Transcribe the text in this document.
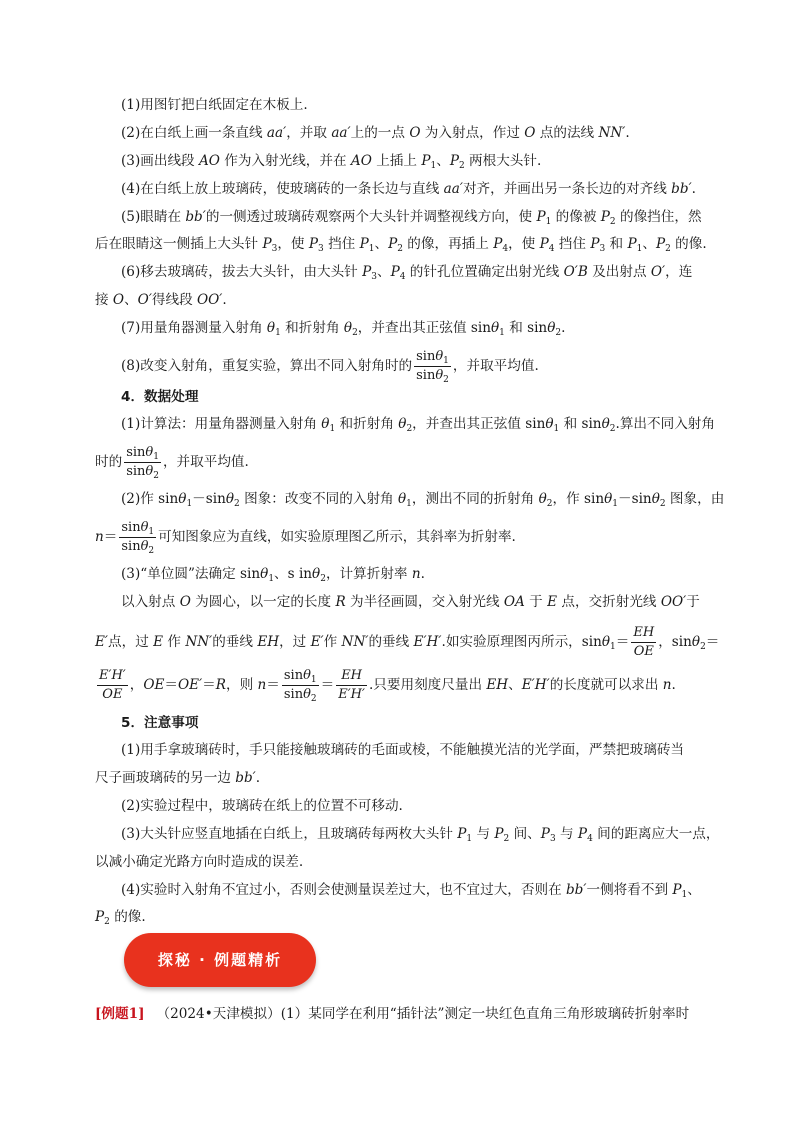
(1)用图钉把白纸固定在木板上.
(2)在白纸上画一条直线 aa′，并取 aa′上的一点 O 为入射点，作过 O 点的法线 NN′.
(3)画出线段 AO 作为入射光线，并在 AO 上插上 $P_1$、$P_2$ 两根大头针.
(4)在白纸上放上玻璃砖，使玻璃砖的一条长边与直线 aa′对齐，并画出另一条长边的对齐线 bb′.
(5)眼睛在 bb′的一侧透过玻璃砖观察两个大头针并调整视线方向，使 $P_1$ 的像被 $P_2$ 的像挡住，然
后在眼睛这一侧插上大头针 $P_3$，使 $P_3$ 挡住 $P_1$、$P_2$ 的像，再插上 $P_4$，使 $P_4$ 挡住 $P_3$ 和 $P_1$、$P_2$ 的像.
(6)移去玻璃砖，拔去大头针，由大头针 $P_3$、$P_4$ 的针孔位置确定出射光线 O′B 及出射点 O′，连
接 O、O′得线段 OO′.
(7)用量角器测量入射角 $\theta_1$ 和折射角 $\theta_2$，并查出其正弦值 sinθ$_1$ 和 sinθ$_2$.
(8)改变入射角，重复实验，算出不同入射角时的 $\frac{\sin\theta_1}{\sin\theta_2}$ ，并取平均值.
4．数据处理
(1)计算法：用量角器测量入射角 $\theta_1$ 和折射角 $\theta_2$，并查出其正弦值 sinθ$_1$ 和 sinθ$_2$.算出不同入射角
时的 $\frac{\sin\theta_1}{\sin\theta_2}$ ，并取平均值.
(2)作 sinθ$_1$－sinθ$_2$ 图象：改变不同的入射角 $\theta_1$，测出不同的折射角 $\theta_2$，作 sinθ$_1$－sinθ$_2$ 图象，由
$n= \frac{\sin\theta_1}{\sin\theta_2}$ 可知图象应为直线，如实验原理图乙所示，其斜率为折射率.
(3)“单位圆”法确定 sinθ$_1$、s inθ$_2$，计算折射率 n.
以入射点 O 为圆心，以一定的长度 R 为半径画圆，交入射光线 OA 于 E 点，交折射光线 OO′于
E′点，过 E 作 NN′的垂线 EH，过 E′作 NN′的垂线 E′H′.如实验原理图丙所示，$\sin\theta_1= \frac{EH}{OE}$ ，sinθ$_2$＝
$\frac{E'H'}{OE}$ ，OE＝OE′＝R，则 $n= \frac{\sin\theta_1}{\sin\theta_2} = \frac{EH}{E'H'}$ .只要用刻度尺量出 EH、E′H′的长度就可以求出 n.
5．注意事项
(1)用手拿玻璃砖时，手只能接触玻璃砖的毛面或棱，不能触摸光洁的光学面，严禁把玻璃砖当
尺子画玻璃砖的另一边 bb′.
(2)实验过程中，玻璃砖在纸上的位置不可移动.
(3)大头针应竖直地插在白纸上，且玻璃砖每两枚大头针 $P_1$ 与 $P_2$ 间、$P_3$ 与 $P_4$ 间的距离应大一点，
以减小确定光路方向时造成的误差.
(4)实验时入射角不宜过小，否则会使测量误差过大，也不宜过大，否则在 bb′一侧将看不到 $P_1$、
$P_2$ 的像.
探秘 · 例题精析
[例题1] （2024•天津模拟）(1）某同学在利用“插针法”测定一块红色直角三角形玻璃砖折射率时
